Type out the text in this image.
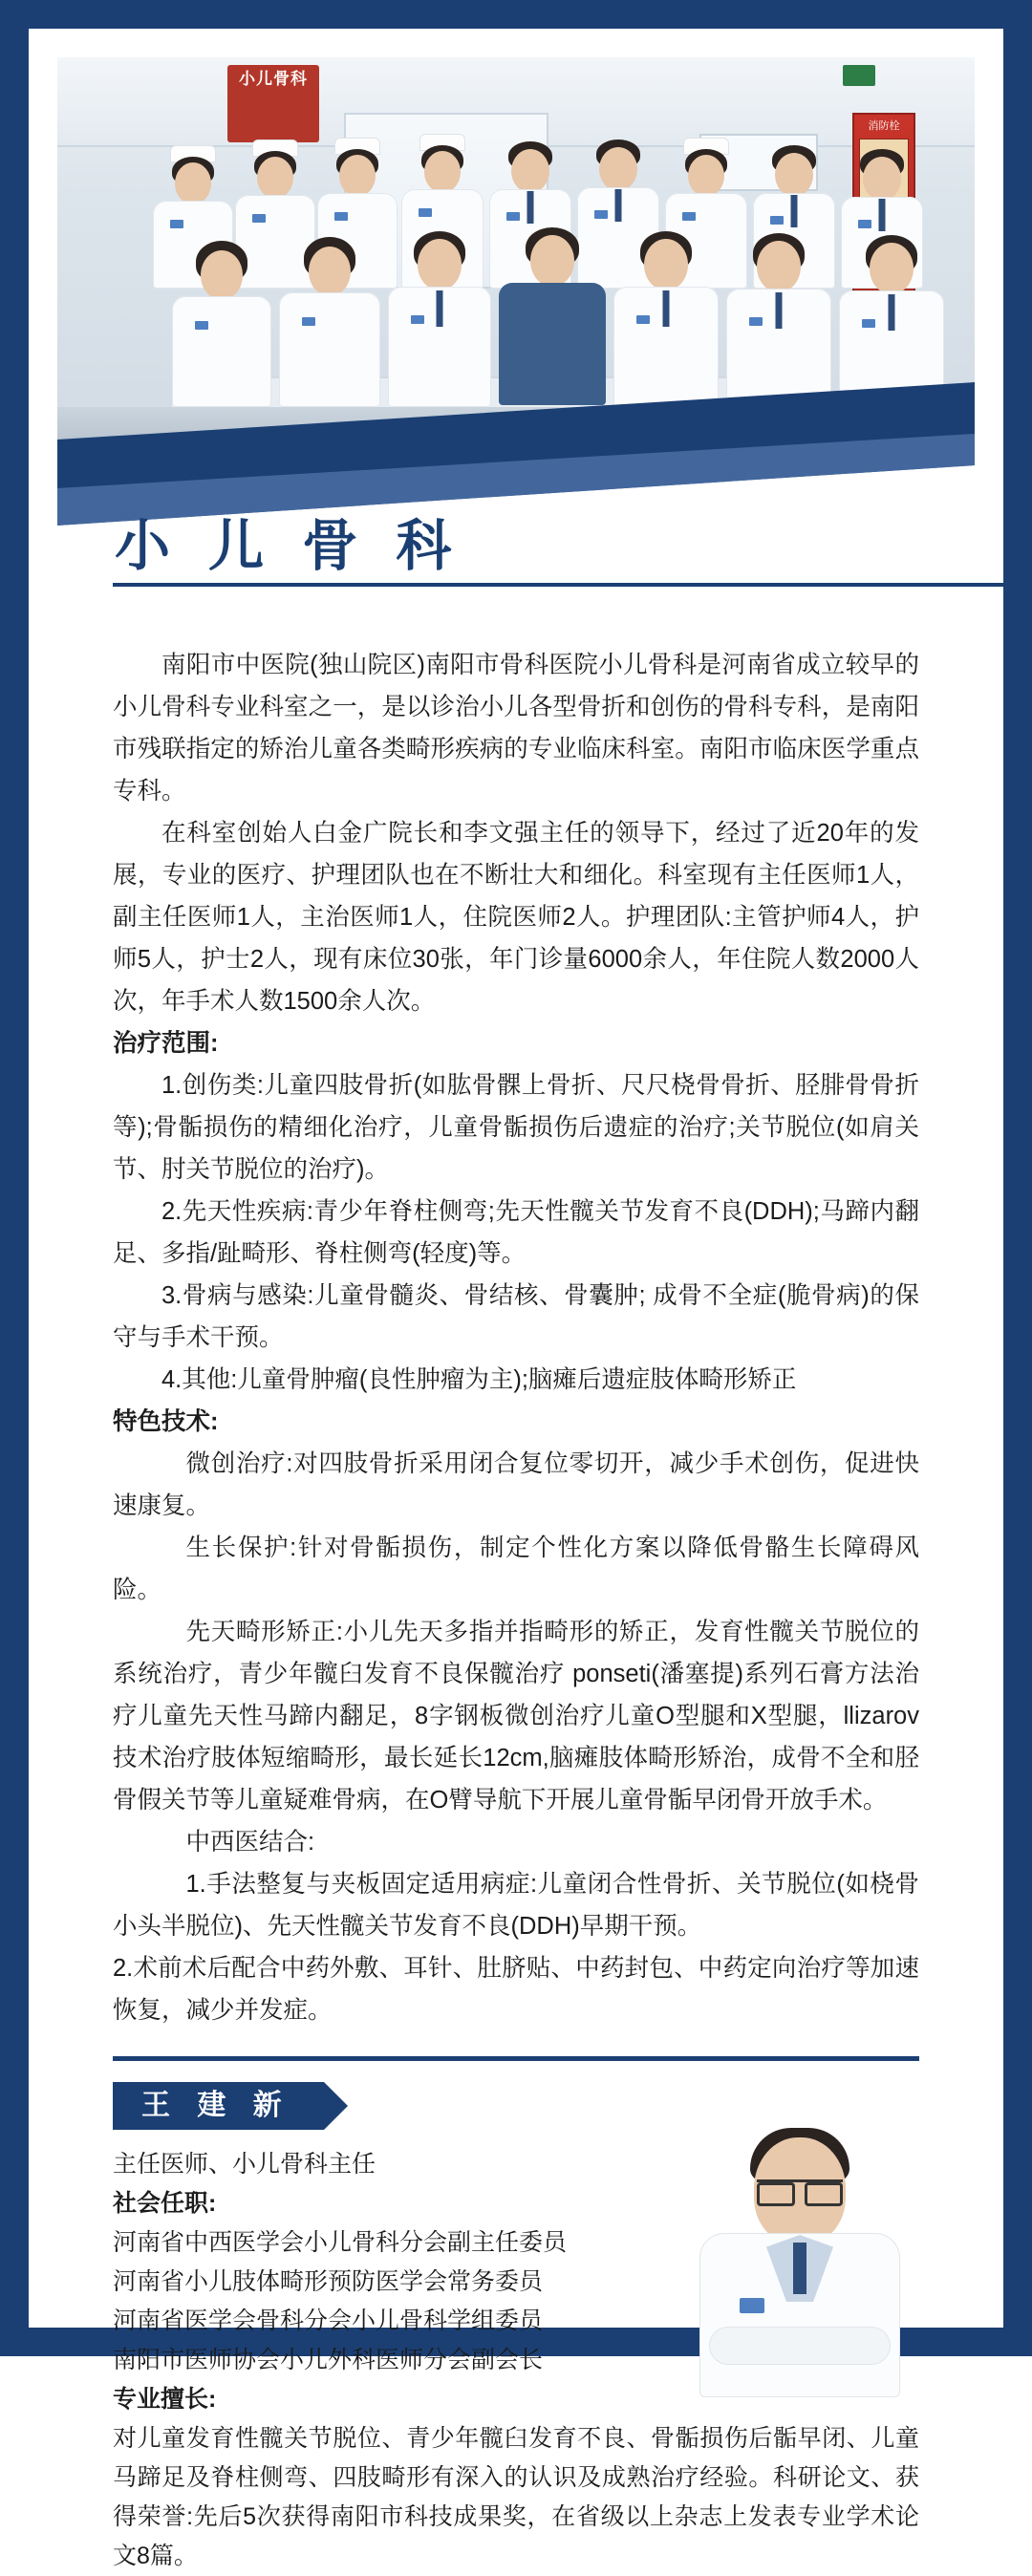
小儿骨科
消防栓
小 儿 骨 科

南阳市中医院(独山院区)南阳市骨科医院小儿骨科是河南省成立较早的小儿骨科专业科室之一，是以诊治小儿各型骨折和创伤的骨科专科，是南阳市残联指定的矫治儿童各类畸形疾病的专业临床科室。南阳市临床医学重点专科。

在科室创始人白金广院长和李文强主任的领导下，经过了近20年的发展，专业的医疗、护理团队也在不断壮大和细化。科室现有主任医师1人，副主任医师1人，主治医师1人，住院医师2人。护理团队:主管护师4人，护师5人，护士2人，现有床位30张，年门诊量6000余人，年住院人数2000人次，年手术人数1500余人次。

治疗范围:

1.创伤类:儿童四肢骨折(如肱骨髁上骨折、尺尺桡骨骨折、胫腓骨骨折等);骨骺损伤的精细化治疗，儿童骨骺损伤后遗症的治疗;关节脱位(如肩关节、肘关节脱位的治疗)。

2.先天性疾病:青少年脊柱侧弯;先天性髋关节发育不良(DDH);马蹄内翻足、多指/趾畸形、脊柱侧弯(轻度)等。

3.骨病与感染:儿童骨髓炎、骨结核、骨囊肿; 成骨不全症(脆骨病)的保守与手术干预。

4.其他:儿童骨肿瘤(良性肿瘤为主);脑瘫后遗症肢体畸形矫正

特色技术:

微创治疗:对四肢骨折采用闭合复位零切开，减少手术创伤，促进快速康复。

生长保护:针对骨骺损伤，制定个性化方案以降低骨骼生长障碍风险。

先天畸形矫正:小儿先天多指并指畸形的矫正，发育性髋关节脱位的系统治疗，青少年髋臼发育不良保髋治疗 ponseti(潘塞提)系列石膏方法治疗儿童先天性马蹄内翻足，8字钢板微创治疗儿童O型腿和X型腿，llizarov技术治疗肢体短缩畸形，最长延长12cm,脑瘫肢体畸形矫治，成骨不全和胫骨假关节等儿童疑难骨病，在O臂导航下开展儿童骨骺早闭骨开放手术。

中西医结合:

1.手法整复与夹板固定适用病症:儿童闭合性骨折、关节脱位(如桡骨小头半脱位)、先天性髋关节发育不良(DDH)早期干预。

2.术前术后配合中药外敷、耳针、肚脐贴、中药封包、中药定向治疗等加速恢复，减少并发症。

王 建 新
主任医师、小儿骨科主任
社会任职:
河南省中西医学会小儿骨科分会副主任委员
河南省小儿肢体畸形预防医学会常务委员
河南省医学会骨科分会小儿骨科学组委员
南阳市医师协会小儿外科医师分会副会长
专业擅长:
对儿童发育性髋关节脱位、青少年髋臼发育不良、骨骺损伤后骺早闭、儿童马蹄足及脊柱侧弯、四肢畸形有深入的认识及成熟治疗经验。科研论文、获得荣誉:先后5次获得南阳市科技成果奖，在省级以上杂志上发表专业学术论文8篇。
